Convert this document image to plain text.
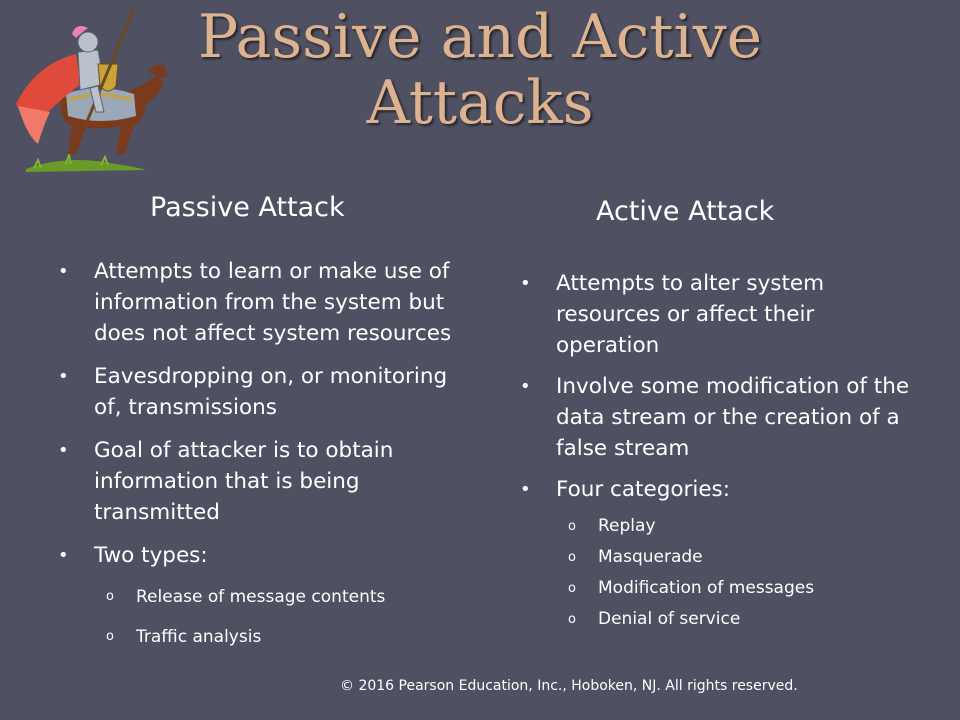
Passive and Active
Attacks
Passive Attack	Active Attack
• Attempts to learn or make use of information from the system but does not affect system resources
• Eavesdropping on, or monitoring of, transmissions
• Goal of attacker is to obtain information that is being transmitted
• Two types:
o Release of message contents
o Traffic analysis
• Attempts to alter system resources or affect their operation
• Involve some modification of the data stream or the creation of a false stream
• Four categories:
o Replay
o Masquerade
o Modification of messages
o Denial of service
© 2016 Pearson Education, Inc., Hoboken, NJ. All rights reserved.
